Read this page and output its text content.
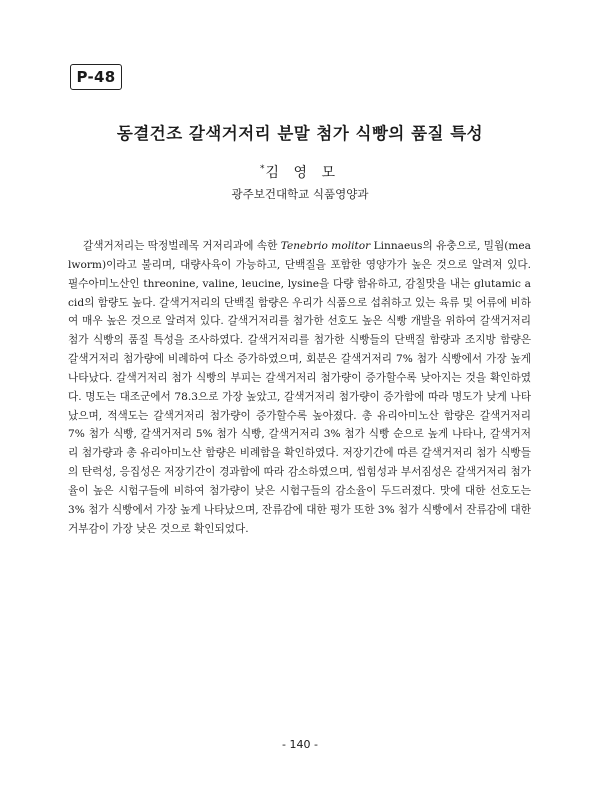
P-48
동결건조 갈색거저리 분말 첨가 식빵의 품질 특성
*김 영 모
광주보건대학교 식품영양과

갈색거저리는 딱정벌레목 거저리과에 속한 Tenebrio molitor Linnaeus의 유충으로, 밀웜(mealworm)이라고 불리며, 대량사육이 가능하고, 단백질을 포함한 영양가가 높은 것으로 알려져 있다. 필수아미노산인 threonine, valine, leucine, lysine을 다량 함유하고, 감칠맛을 내는 glutamic acid의 함량도 높다. 갈색거저리의 단백질 함량은 우리가 식품으로 섭취하고 있는 육류 및 어류에 비하여 매우 높은 것으로 알려져 있다. 갈색거저리를 첨가한 선호도 높은 식빵 개발을 위하여 갈색거저리 첨가 식빵의 품질 특성을 조사하였다. 갈색거저리를 첨가한 식빵들의 단백질 함량과 조지방 함량은 갈색거저리 첨가량에 비례하여 다소 증가하였으며, 회분은 갈색거저리 7% 첨가 식빵에서 가장 높게 나타났다. 갈색거저리 첨가 식빵의 부피는 갈색거저리 첨가량이 증가할수록 낮아지는 것을 확인하였다. 명도는 대조군에서 78.3으로 가장 높았고, 갈색거저리 첨가량이 증가함에 따라 명도가 낮게 나타났으며, 적색도는 갈색거저리 첨가량이 증가할수록 높아졌다. 총 유리아미노산 함량은 갈색거저리 7% 첨가 식빵, 갈색거저리 5% 첨가 식빵, 갈색거저리 3% 첨가 식빵 순으로 높게 나타나, 갈색거저리 첨가량과 총 유리아미노산 함량은 비례함을 확인하였다. 저장기간에 따른 갈색거저리 첨가 식빵들의 탄력성, 응집성은 저장기간이 경과함에 따라 감소하였으며, 씹힘성과 부서짐성은 갈색거저리 첨가율이 높은 시험구들에 비하여 첨가량이 낮은 시험구들의 감소율이 두드러졌다. 맛에 대한 선호도는 3% 첨가 식빵에서 가장 높게 나타났으며, 잔류감에 대한 평가 또한 3% 첨가 식빵에서 잔류감에 대한 거부감이 가장 낮은 것으로 확인되었다.

- 140 -
